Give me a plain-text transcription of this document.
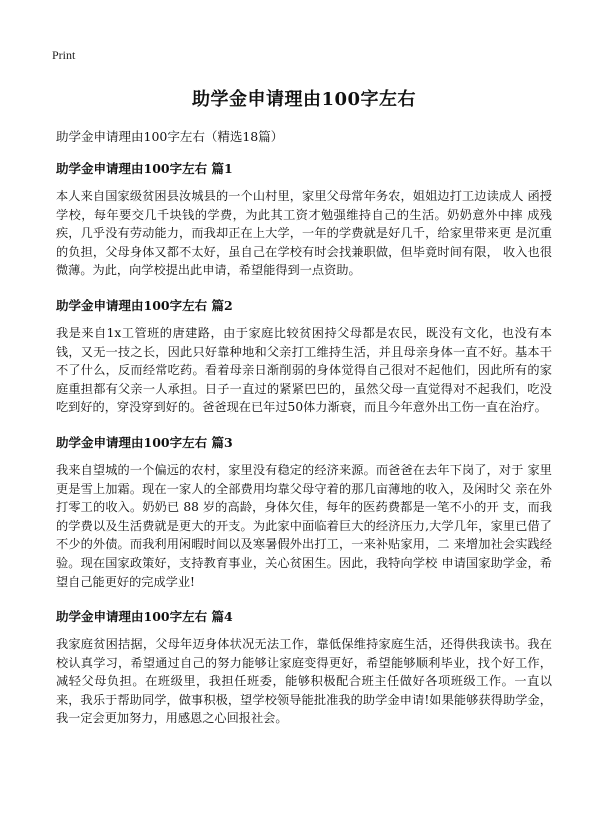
Print
助学金申请理由100字左右
助学金申请理由100字左右（精选18篇）
助学金申请理由100字左右 篇1
本人来自国家级贫困县汝城县的一个山村里，家里父母常年务农，姐姐边打工边读成人 函授学校，每年要交几千块钱的学费，为此其工资才勉强维持自己的生活。奶奶意外中摔 成残疾，几乎没有劳动能力，而我却正在上大学，一年的学费就是好几千，给家里带来更 是沉重的负担，父母身体又都不太好，虽自己在学校有时会找兼职做，但毕竟时间有限， 收入也很微薄。为此，向学校提出此申请，希望能得到一点资助。
助学金申请理由100字左右 篇2
我是来自1x工管班的唐建路，由于家庭比较贫困持父母都是农民，既没有文化，也没有本钱，又无一技之长，因此只好靠种地和父亲打工维持生活，并且母亲身体一直不好。基本干不了什么，反而经常吃药。看着母亲日渐削弱的身体觉得自己很对不起他们，因此所有的家庭重担都有父亲一人承担。日子一直过的紧紧巴巴的，虽然父母一直觉得对不起我们，吃没吃到好的，穿没穿到好的。爸爸现在已年过50体力渐衰，而且今年意外出工伤一直在治疗。
助学金申请理由100字左右 篇3
我来自望城的一个偏远的农村，家里没有稳定的经济来源。而爸爸在去年下岗了，对于 家里更是雪上加霜。现在一家人的全部费用均靠父母守着的那几亩薄地的收入，及闲时父 亲在外打零工的收入。奶奶已 88 岁的高龄，身体欠佳，每年的医药费都是一笔不小的开 支，而我的学费以及生活费就是更大的开支。为此家中面临着巨大的经济压力,大学几年，家里已借了不少的外债。而我利用闲暇时间以及寒暑假外出打工，一来补贴家用，二 来增加社会实践经验。现在国家政策好，支持教育事业，关心贫困生。因此，我特向学校 申请国家助学金，希望自己能更好的完成学业!
助学金申请理由100字左右 篇4
我家庭贫困拮据，父母年迈身体状况无法工作，靠低保维持家庭生活，还得供我读书。我在校认真学习，希望通过自己的努力能够让家庭变得更好，希望能够顺利毕业，找个好工作，减轻父母负担。在班级里，我担任班委，能够积极配合班主任做好各项班级工作。一直以来，我乐于帮助同学，做事积极，望学校领导能批准我的助学金申请!如果能够获得助学金，我一定会更加努力，用感恩之心回报社会。
